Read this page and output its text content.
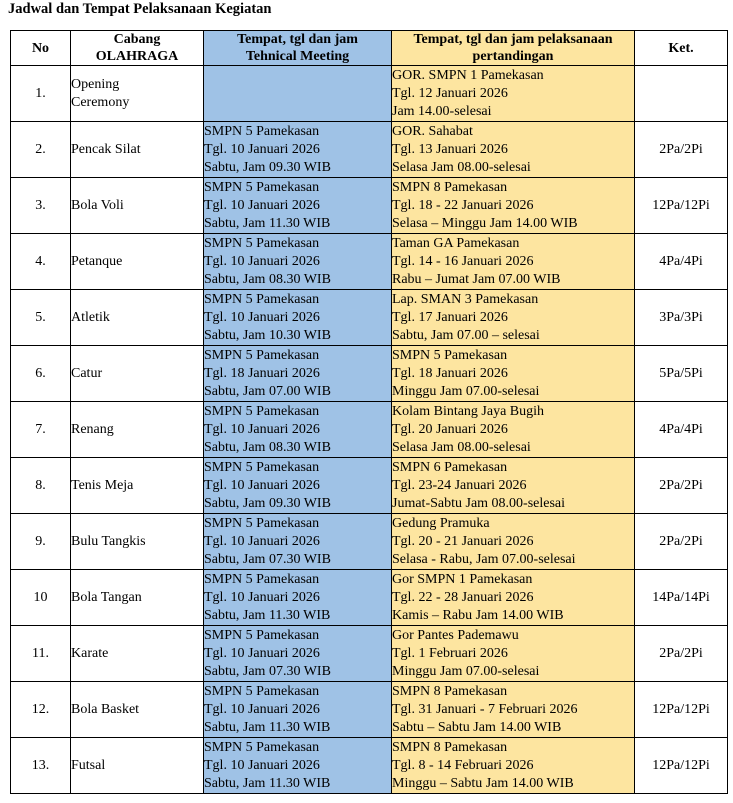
Jadwal dan Tempat Pelaksanaan Kegiatan
No	Cabang
OLAHRAGA	Tempat, tgl dan jam
Tehnical Meeting	Tempat, tgl dan jam pelaksanaan
pertandingan	Ket.
1.	Opening
Ceremony		GOR. SMPN 1 Pamekasan
Tgl. 12 Januari 2026
Jam 14.00-selesai	

2.	Pencak Silat	SMPN 5 Pamekasan
Tgl. 10 Januari 2026
Sabtu, Jam 09.30 WIB	GOR. Sahabat
Tgl. 13 Januari 2026
Selasa Jam 08.00-selesai	2Pa/2Pi
3.	Bola Voli	SMPN 5 Pamekasan
Tgl. 10 Januari 2026
Sabtu, Jam 11.30 WIB	SMPN 8 Pamekasan
Tgl. 18 - 22 Januari 2026
Selasa – Minggu Jam 14.00 WIB	12Pa/12Pi
4.	Petanque	SMPN 5 Pamekasan
Tgl. 10 Januari 2026
Sabtu, Jam 08.30 WIB	Taman GA Pamekasan
Tgl. 14 - 16 Januari 2026
Rabu – Jumat Jam 07.00 WIB	4Pa/4Pi
5.	Atletik	SMPN 5 Pamekasan
Tgl. 10 Januari 2026
Sabtu, Jam 10.30 WIB	Lap. SMAN 3 Pamekasan
Tgl. 17 Januari 2026
Sabtu, Jam 07.00 – selesai	3Pa/3Pi
6.	Catur	SMPN 5 Pamekasan
Tgl. 18 Januari 2026
Sabtu, Jam 07.00 WIB	SMPN 5 Pamekasan
Tgl. 18 Januari 2026
Minggu Jam 07.00-selesai	5Pa/5Pi
7.	Renang	SMPN 5 Pamekasan
Tgl. 10 Januari 2026
Sabtu, Jam 08.30 WIB	Kolam Bintang Jaya Bugih
Tgl. 20 Januari 2026
Selasa Jam 08.00-selesai	4Pa/4Pi
8.	Tenis Meja	SMPN 5 Pamekasan
Tgl. 10 Januari 2026
Sabtu, Jam 09.30 WIB	SMPN 6 Pamekasan
Tgl. 23-24 Januari 2026
Jumat-Sabtu Jam 08.00-selesai	2Pa/2Pi
9.	Bulu Tangkis	SMPN 5 Pamekasan
Tgl. 10 Januari 2026
Sabtu, Jam 07.30 WIB	Gedung Pramuka
Tgl. 20 - 21 Januari 2026
Selasa - Rabu, Jam 07.00-selesai	2Pa/2Pi
10	Bola Tangan	SMPN 5 Pamekasan
Tgl. 10 Januari 2026
Sabtu, Jam 11.30 WIB	Gor SMPN 1 Pamekasan
Tgl. 22 - 28 Januari 2026
Kamis – Rabu Jam 14.00 WIB	14Pa/14Pi
11.	Karate	SMPN 5 Pamekasan
Tgl. 10 Januari 2026
Sabtu, Jam 07.30 WIB	Gor Pantes Pademawu
Tgl. 1 Februari 2026
Minggu Jam 07.00-selesai	2Pa/2Pi
12.	Bola Basket	SMPN 5 Pamekasan
Tgl. 10 Januari 2026
Sabtu, Jam 11.30 WIB	SMPN 8 Pamekasan
Tgl. 31 Januari - 7 Februari 2026
Sabtu – Sabtu Jam 14.00 WIB	12Pa/12Pi
13.	Futsal	SMPN 5 Pamekasan
Tgl. 10 Januari 2026
Sabtu, Jam 11.30 WIB	SMPN 8 Pamekasan
Tgl. 8 - 14 Februari 2026
Minggu – Sabtu Jam 14.00 WIB	12Pa/12Pi
